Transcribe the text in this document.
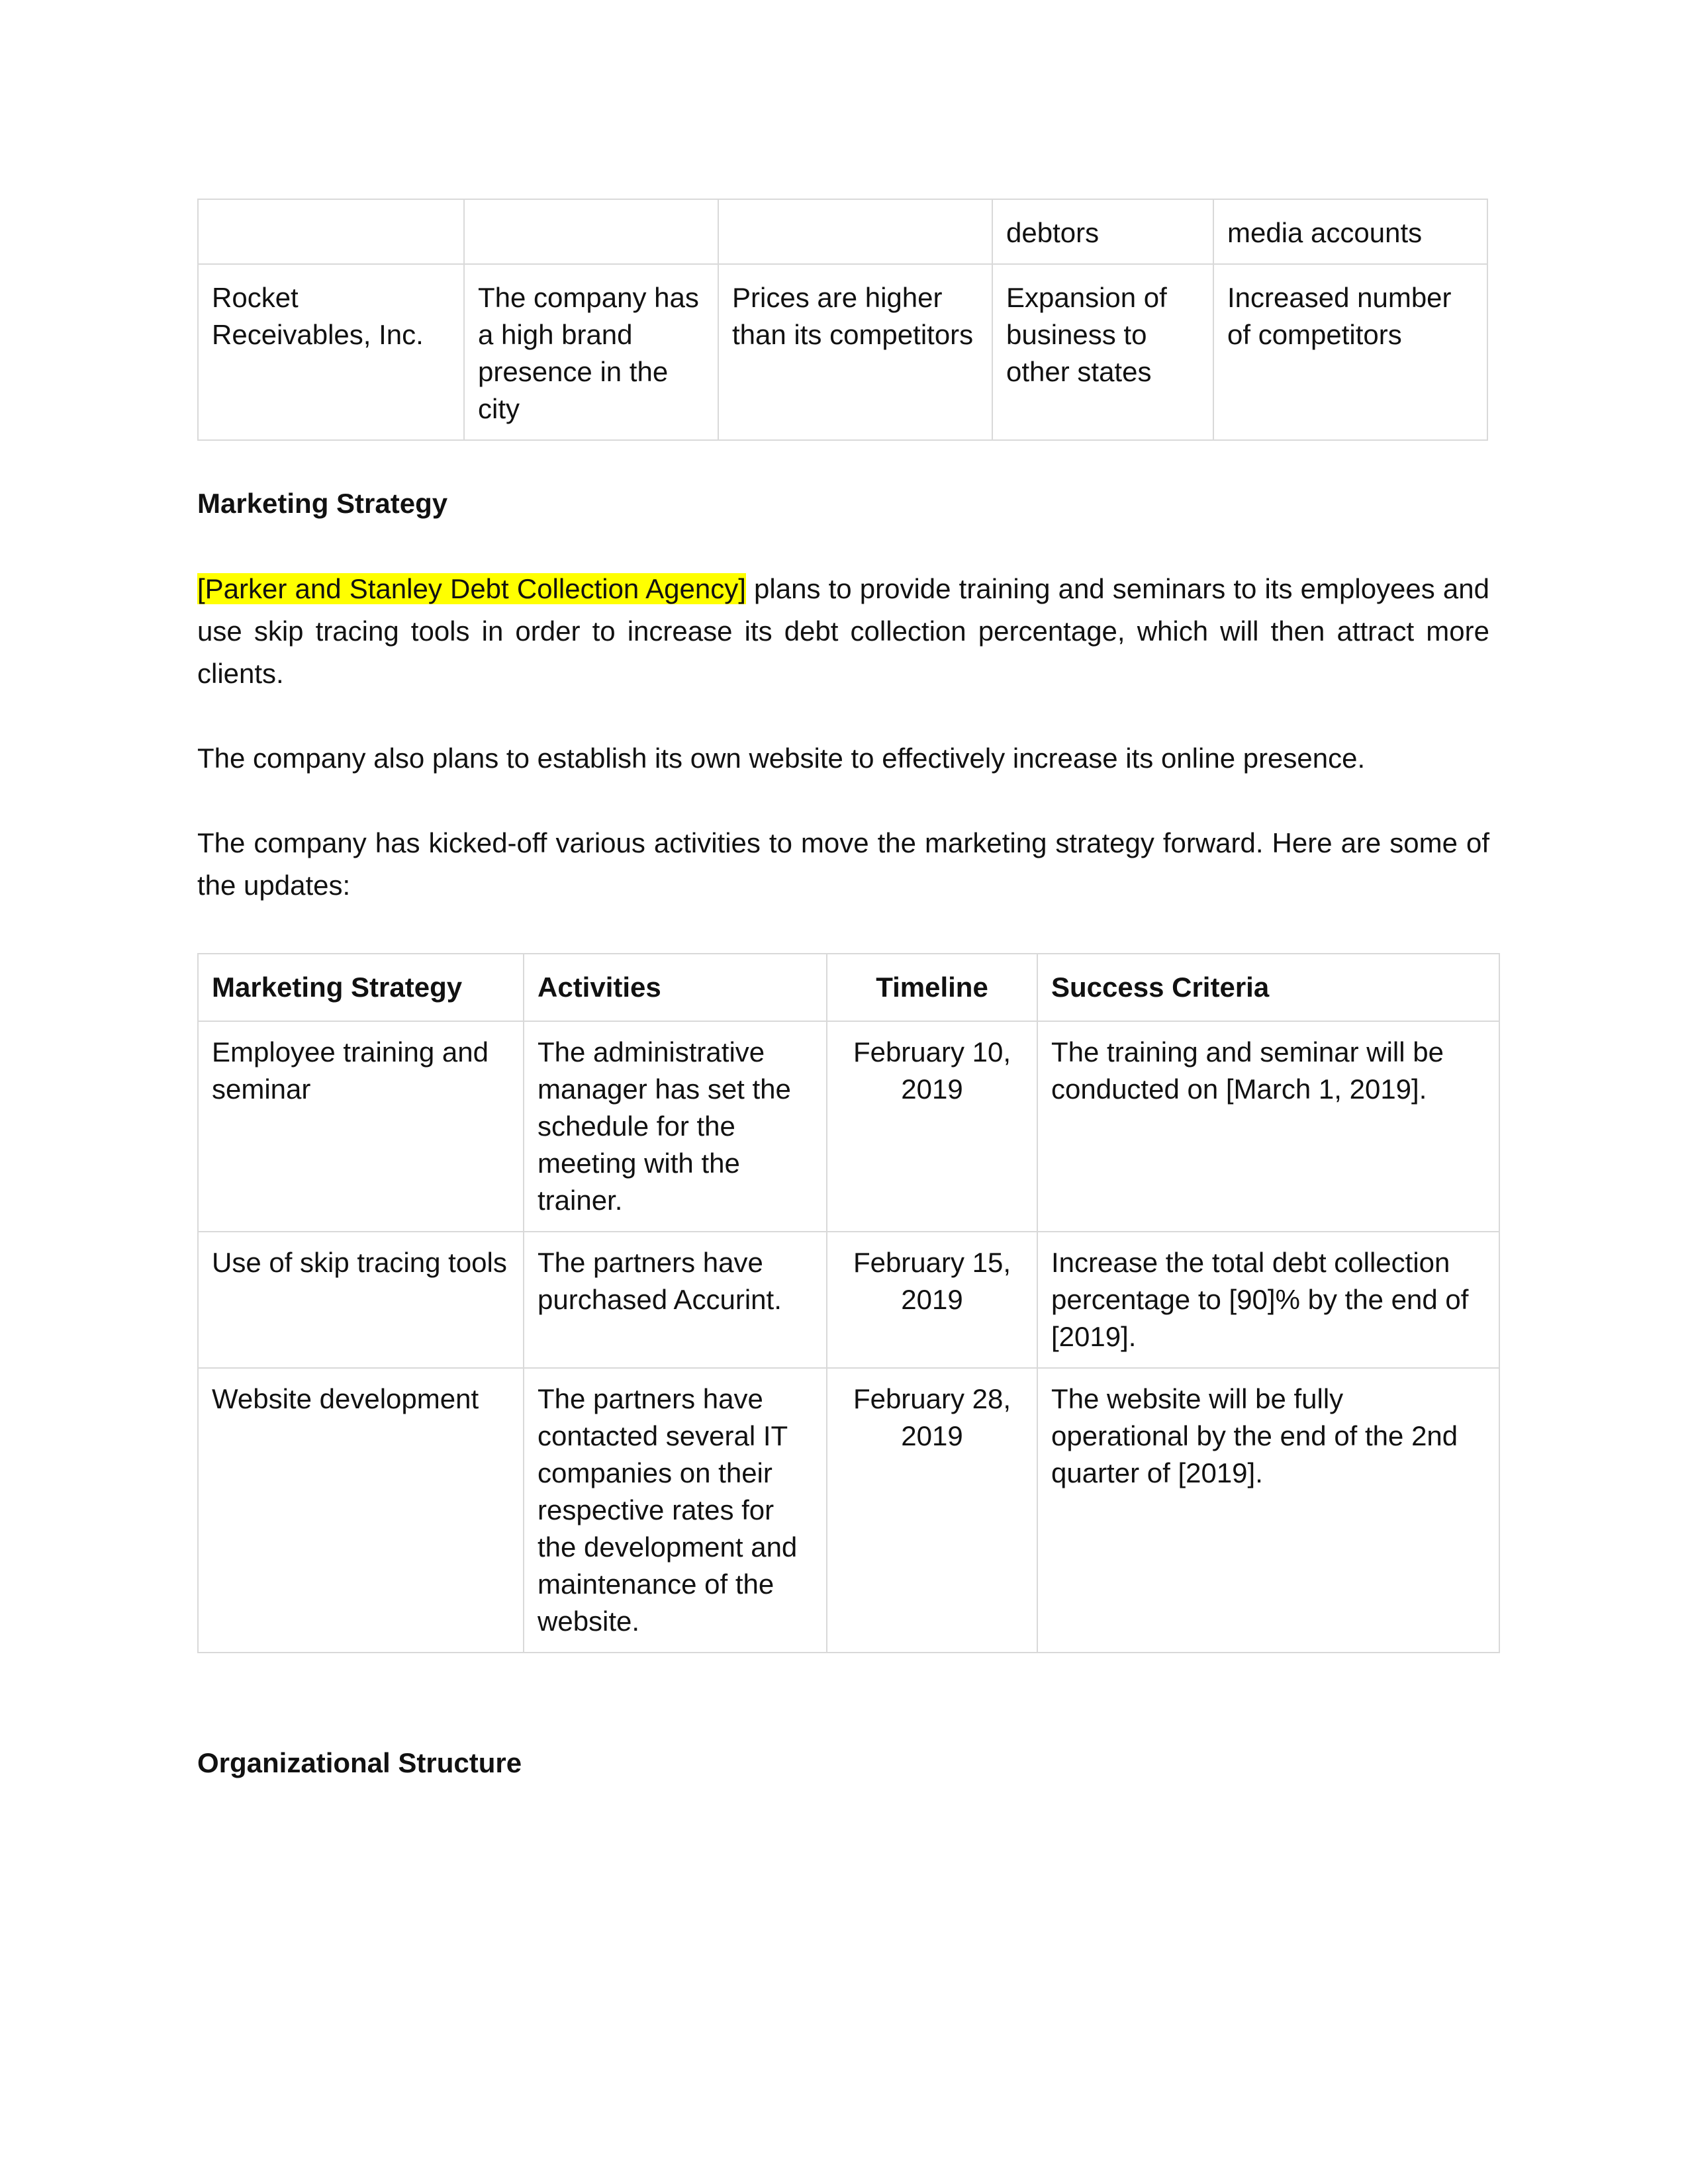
			debtors	media accounts
Rocket Receivables, Inc.	The company has a high brand presence in the city	Prices are higher than its competitors	Expansion of business to other states	Increased number of competitors
Marketing Strategy
[Parker and Stanley Debt Collection Agency] plans to provide training and seminars to its employees and use skip tracing tools in order to increase its debt collection percentage, which will then attract more clients.
The company also plans to establish its own website to effectively increase its online presence.
The company has kicked-off various activities to move the marketing strategy forward. Here are some of the updates:
Marketing Strategy	Activities	Timeline	Success Criteria
Employee training and seminar	The administrative manager has set the schedule for the meeting with the trainer.	February 10, 2019	The training and seminar will be conducted on [March 1, 2019].
Use of skip tracing tools	The partners have purchased Accurint.	February 15, 2019	Increase the total debt collection percentage to [90]% by the end of [2019].
Website development	The partners have contacted several IT companies on their respective rates for the development and maintenance of the website.	February 28, 2019	The website will be fully operational by the end of the 2nd quarter of [2019].
Organizational Structure
